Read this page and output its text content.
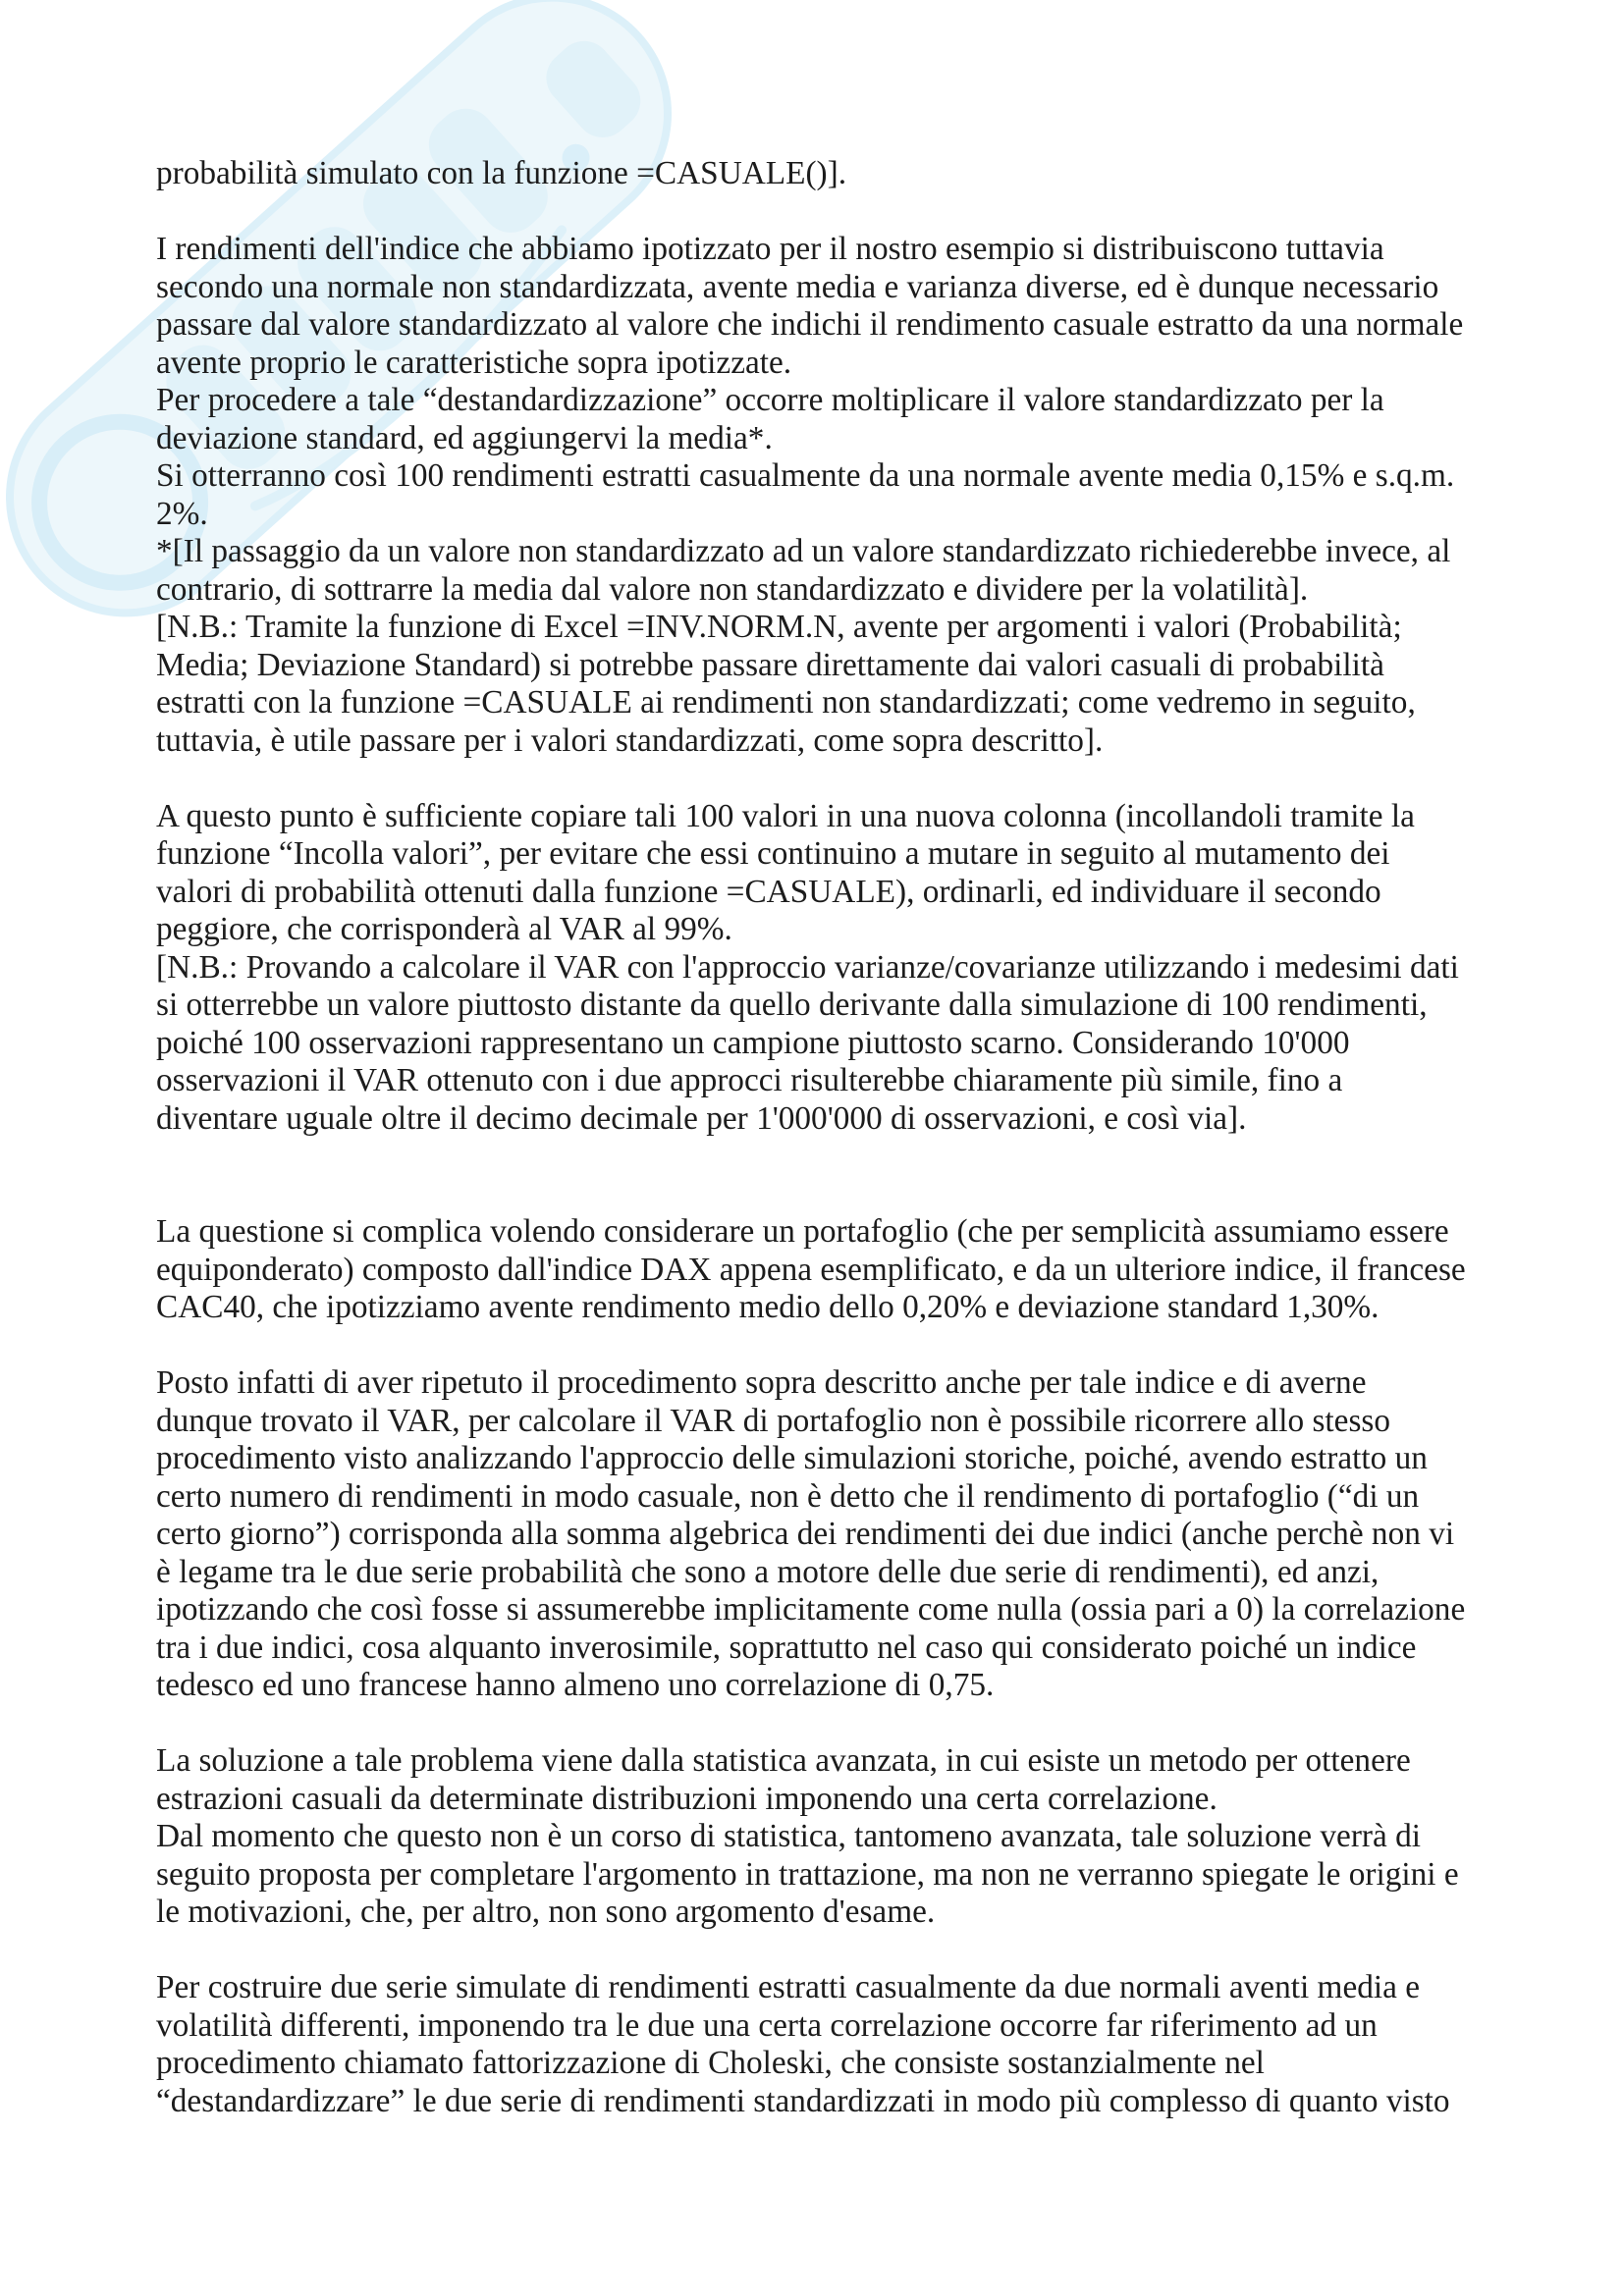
probabilità simulato con la funzione =CASUALE()].
I rendimenti dell'indice che abbiamo ipotizzato per il nostro esempio si distribuiscono tuttavia
secondo una normale non standardizzata, avente media e varianza diverse, ed è dunque necessario
passare dal valore standardizzato al valore che indichi il rendimento casuale estratto da una normale
avente proprio le caratteristiche sopra ipotizzate.
Per procedere a tale “destandardizzazione” occorre moltiplicare il valore standardizzato per la
deviazione standard, ed aggiungervi la media*.
Si otterranno così 100 rendimenti estratti casualmente da una normale avente media 0,15% e s.q.m.
2%.
*[Il passaggio da un valore non standardizzato ad un valore standardizzato richiederebbe invece, al
contrario, di sottrarre la media dal valore non standardizzato e dividere per la volatilità].
[N.B.: Tramite la funzione di Excel =INV.NORM.N, avente per argomenti i valori (Probabilità;
Media; Deviazione Standard) si potrebbe passare direttamente dai valori casuali di probabilità
estratti con la funzione =CASUALE ai rendimenti non standardizzati; come vedremo in seguito,
tuttavia, è utile passare per i valori standardizzati, come sopra descritto].
A questo punto è sufficiente copiare tali 100 valori in una nuova colonna (incollandoli tramite la
funzione “Incolla valori”, per evitare che essi continuino a mutare in seguito al mutamento dei
valori di probabilità ottenuti dalla funzione =CASUALE), ordinarli, ed individuare il secondo
peggiore, che corrisponderà al VAR al 99%.
[N.B.: Provando a calcolare il VAR con l'approccio varianze/covarianze utilizzando i medesimi dati
si otterrebbe un valore piuttosto distante da quello derivante dalla simulazione di 100 rendimenti,
poiché 100 osservazioni rappresentano un campione piuttosto scarno. Considerando 10'000
osservazioni il VAR ottenuto con i due approcci risulterebbe chiaramente più simile, fino a
diventare uguale oltre il decimo decimale per 1'000'000 di osservazioni, e così via].
La questione si complica volendo considerare un portafoglio (che per semplicità assumiamo essere
equiponderato) composto dall'indice DAX appena esemplificato, e da un ulteriore indice, il francese
CAC40, che ipotizziamo avente rendimento medio dello 0,20% e deviazione standard 1,30%.
Posto infatti di aver ripetuto il procedimento sopra descritto anche per tale indice e di averne
dunque trovato il VAR, per calcolare il VAR di portafoglio non è possibile ricorrere allo stesso
procedimento visto analizzando l'approccio delle simulazioni storiche, poiché, avendo estratto un
certo numero di rendimenti in modo casuale, non è detto che il rendimento di portafoglio (“di un
certo giorno”) corrisponda alla somma algebrica dei rendimenti dei due indici (anche perchè non vi
è legame tra le due serie probabilità che sono a motore delle due serie di rendimenti), ed anzi,
ipotizzando che così fosse si assumerebbe implicitamente come nulla (ossia pari a 0) la correlazione
tra i due indici, cosa alquanto inverosimile, soprattutto nel caso qui considerato poiché un indice
tedesco ed uno francese hanno almeno uno correlazione di 0,75.
La soluzione a tale problema viene dalla statistica avanzata, in cui esiste un metodo per ottenere
estrazioni casuali da determinate distribuzioni imponendo una certa correlazione.
Dal momento che questo non è un corso di statistica, tantomeno avanzata, tale soluzione verrà di
seguito proposta per completare l'argomento in trattazione, ma non ne verranno spiegate le origini e
le motivazioni, che, per altro, non sono argomento d'esame.
Per costruire due serie simulate di rendimenti estratti casualmente da due normali aventi media e
volatilità differenti, imponendo tra le due una certa correlazione occorre far riferimento ad un
procedimento chiamato fattorizzazione di Choleski, che consiste sostanzialmente nel
“destandardizzare” le due serie di rendimenti standardizzati in modo più complesso di quanto visto
